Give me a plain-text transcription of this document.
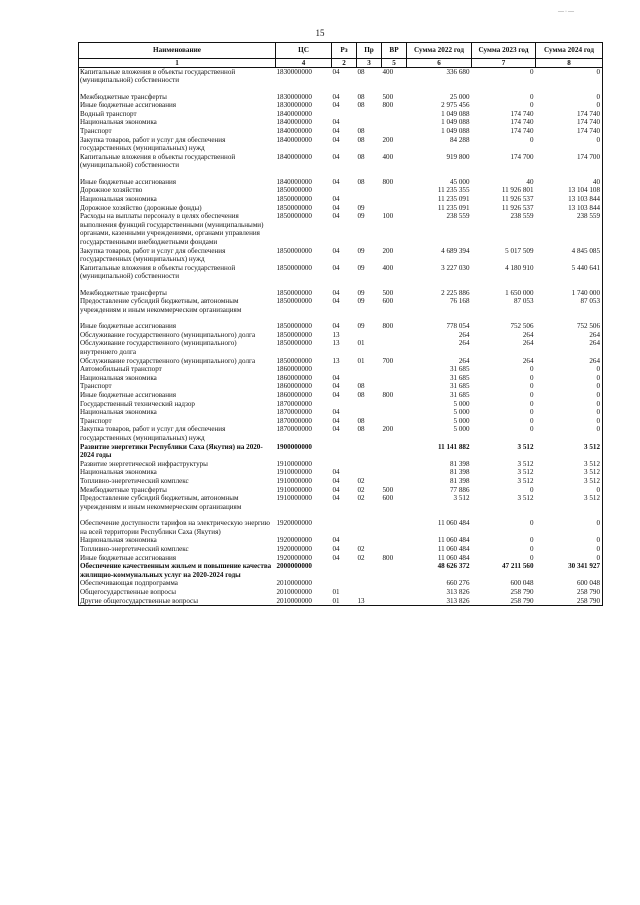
—·—
15
Наименование	ЦС	Рз	Пр	ВР	Сумма 2022 год	Сумма 2023 год	Сумма 2024 год
1	4	2	3	5	6	7	8
Капитальные вложения в объекты государственной (муниципальной) собственности	1830000000	04	08	400	336 680	0	0
Межбюджетные трансферты	1830000000	04	08	500	25 000	0	0
Иные бюджетные ассигнования	1830000000	04	08	800	2 975 456	0	0
Водный транспорт	1840000000				1 049 088	174 740	174 740
Национальная экономика	1840000000	04			1 049 088	174 740	174 740
Транспорт	1840000000	04	08		1 049 088	174 740	174 740
Закупка товаров, работ и услуг для обеспечения государственных (муниципальных) нужд	1840000000	04	08	200	84 288	0	0
Капитальные вложения в объекты государственной (муниципальной) собственности	1840000000	04	08	400	919 800	174 700	174 700
Иные бюджетные ассигнования	1840000000	04	08	800	45 000	40	40
Дорожное хозяйство	1850000000				11 235 355	11 926 801	13 104 108
Национальная экономика	1850000000	04			11 235 091	11 926 537	13 103 844
Дорожное хозяйство (дорожные фонды)	1850000000	04	09		11 235 091	11 926 537	13 103 844
Расходы на выплаты персоналу в целях обеспечения выполнения функций государственными (муниципальными) органами, казенными учреждениями, органами управления государственными внебюджетными фондами	1850000000	04	09	100	238 559	238 559	238 559
Закупка товаров, работ и услуг для обеспечения государственных (муниципальных) нужд	1850000000	04	09	200	4 689 394	5 017 509	4 845 085
Капитальные вложения в объекты государственной (муниципальной) собственности	1850000000	04	09	400	3 227 030	4 180 910	5 440 641
Межбюджетные трансферты	1850000000	04	09	500	2 225 886	1 650 000	1 740 000
Предоставление субсидий бюджетным, автономным учреждениям и иным некоммерческим организациям	1850000000	04	09	600	76 168	87 053	87 053
Иные бюджетные ассигнования	1850000000	04	09	800	778 054	752 506	752 506
Обслуживание государственного (муниципального) долга	1850000000	13			264	264	264
Обслуживание государственного (муниципального) внутреннего долга	1850000000	13	01		264	264	264
Обслуживание государственного (муниципального) долга	1850000000	13	01	700	264	264	264
Автомобильный транспорт	1860000000				31 685	0	0
Национальная экономика	1860000000	04			31 685	0	0
Транспорт	1860000000	04	08		31 685	0	0
Иные бюджетные ассигнования	1860000000	04	08	800	31 685	0	0
Государственный технический надзор	1870000000				5 000	0	0
Национальная экономика	1870000000	04			5 000	0	0
Транспорт	1870000000	04	08		5 000	0	0
Закупка товаров, работ и услуг для обеспечения государственных (муниципальных) нужд	1870000000	04	08	200	5 000	0	0
Развитие энергетики Республики Саха (Якутия) на 2020-2024 годы	1900000000				11 141 882	3 512	3 512
Развитие энергетической инфраструктуры	1910000000				81 398	3 512	3 512
Национальная экономика	1910000000	04			81 398	3 512	3 512
Топливно-энергетический комплекс	1910000000	04	02		81 398	3 512	3 512
Межбюджетные трансферты	1910000000	04	02	500	77 886	0	0
Предоставление субсидий бюджетным, автономным учреждениям и иным некоммерческим организациям	1910000000	04	02	600	3 512	3 512	3 512
Обеспечение доступности тарифов на электрическую энергию на всей территории Республики Саха (Якутия)	1920000000				11 060 484	0	0
Национальная экономика	1920000000	04			11 060 484	0	0
Топливно-энергетический комплекс	1920000000	04	02		11 060 484	0	0
Иные бюджетные ассигнования	1920000000	04	02	800	11 060 484	0	0
Обеспечение качественным жильем и повышение качества жилищно-коммунальных услуг на 2020-2024 годы	2000000000				48 626 372	47 211 560	30 341 927
Обеспечивающая подпрограмма	2010000000				660 276	600 048	600 048
Общегосударственные вопросы	2010000000	01			313 826	258 790	258 790
Другие общегосударственные вопросы	2010000000	01	13		313 826	258 790	258 790
